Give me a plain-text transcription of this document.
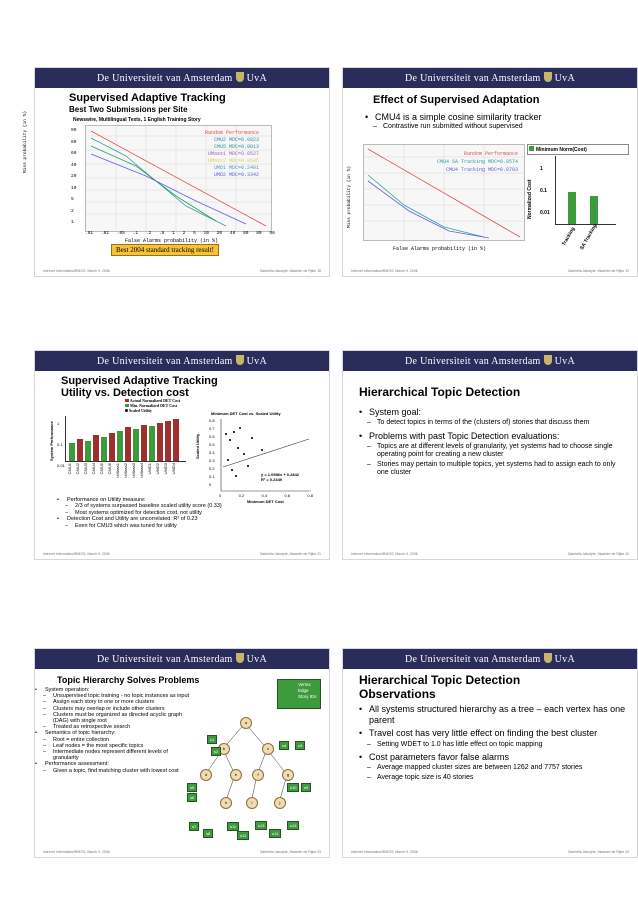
De Universiteit van Amsterdam UvA
Supervised Adaptive Tracking
Best Two Submissions per Site
Newswire, Multilingual Texts, 1 English Training Story
Random Performance
CMU2 MDC=0.0023
CMU5 MDC=0.0013
UMass1 MDC=0.0527
UMass2 MDC=0.0505
UMD1 MDC=0.2401
UMD2 MDC=0.3342
Miss probability (in %)	90
80
60
40
20
10
5
2
1
.01 .02 .05 .1 .2 .5 1 2 5 10 20 40 60 80 90
False Alarms probability (in %)
Best 2004 standard tracking result!
Internet Informatics/IRMOS, March 9, 2006	Gabriella Jakutyte, Maarten de Rijke 18
De Universiteit van Amsterdam UvA
Effect of Supervised Adaptation
• CMU4 is a simple cosine similarity tracker
– Contrastive run submitted without supervised
Random Performance
CMU4 SA Tracking MDC=0.0574
CMU4 Tracking MDC=0.0703
Miss probability (in %)
False Alarms probability (in %)
Minimum Norm(Cost)
Normalized Cost
1
0.1
0.01
Tracking SA Tracking
Internet Informatics/IRMOS, March 9, 2006	Gabriella Jakutyte, Maarten de Rijke 19
De Universiteit van Amsterdam UvA
Supervised Adaptive Tracking
Utility vs. Detection cost
Actual Normalized DET Cost
Min. Normalized DET Cost
Scaled Utility
System Performance 1
0.1
0.01 CMU1 CMU2 CMU3 CMU4 CMU5 CMU6 UMass1 UMass2 UMass3 UMass4 UMD1 UMD2 UMD3 UMD4
Minimum DET Cost vs. Scaled Utility
Scaled Utility
0.8
0.7
0.6
0.5
0.4
0.3
0.2
0.1
0
y = 1.0586x + 0.2842
R² = 0.2349
0	0.2	0.4	0.6	0.8
Minimum DET Cost
• Performance on Utility measure:
– 2/3 of systems surpassed baseline scaled utility score (0.33)
– Most systems optimized for detection cost, not utility
• Detection Cost and Utility are uncorrelated: R² of 0.23
– Even for CMU3 which was tuned for utility
Internet Informatics/IRMOS, March 9, 2006	Gabriella Jakutyte, Maarten de Rijke 21
De Universiteit van Amsterdam UvA
Hierarchical Topic Detection
• System goal:
– To detect topics in terms of the (clusters of) stories that discuss them
• Problems with past Topic Detection evaluations:
– Topics are at different levels of granularity, yet systems had to choose single operating point for creating a new cluster
– Stories may pertain to multiple topics, yet systems had to assign each to only one cluster
Internet Informatics/IRMOS, March 9, 2006	Gabriella Jakutyte, Maarten de Rijke 22
De Universiteit van Amsterdam UvA
Topic Hierarchy Solves Problems
• System operation:
– Unsupervised topic training - no topic instances as input
– Assign each story to one or more clusters
– Clusters may overlap or include other clusters
– Clusters must be organized as directed acyclic graph (DAG) with single root
– Treated as retrospective search
• Semantics of topic hierarchy:
– Root = entire collection
– Leaf nodes = the most specific topics
– Intermediate nodes represent different levels of granularity
• Performance assessment:
– Given a topic, find matching cluster with lowest cost
Vertex
Edge
Story IDs
a
b	c
d	e	f	g
h	i	j
s1
s2
s3
s4
s5
s6
s7
s8
s9
s10
s11
s12
s13
s14
s15
Internet Informatics/IRMOS, March 9, 2006	Gabriella Jakutyte, Maarten de Rijke 23
De Universiteit van Amsterdam UvA
Hierarchical Topic Detection
Observations
• All systems structured hierarchy as a tree – each vertex has one parent
• Travel cost has very little effect on finding the best cluster
– Setting WDET to 1.0 has little effect on topic mapping
• Cost parameters favor false alarms
– Average mapped cluster sizes are between 1262 and 7757 stories
– Average topic size is 40 stories
Internet Informatics/IRMOS, March 9, 2006	Gabriella Jakutyte, Maarten de Rijke 24
